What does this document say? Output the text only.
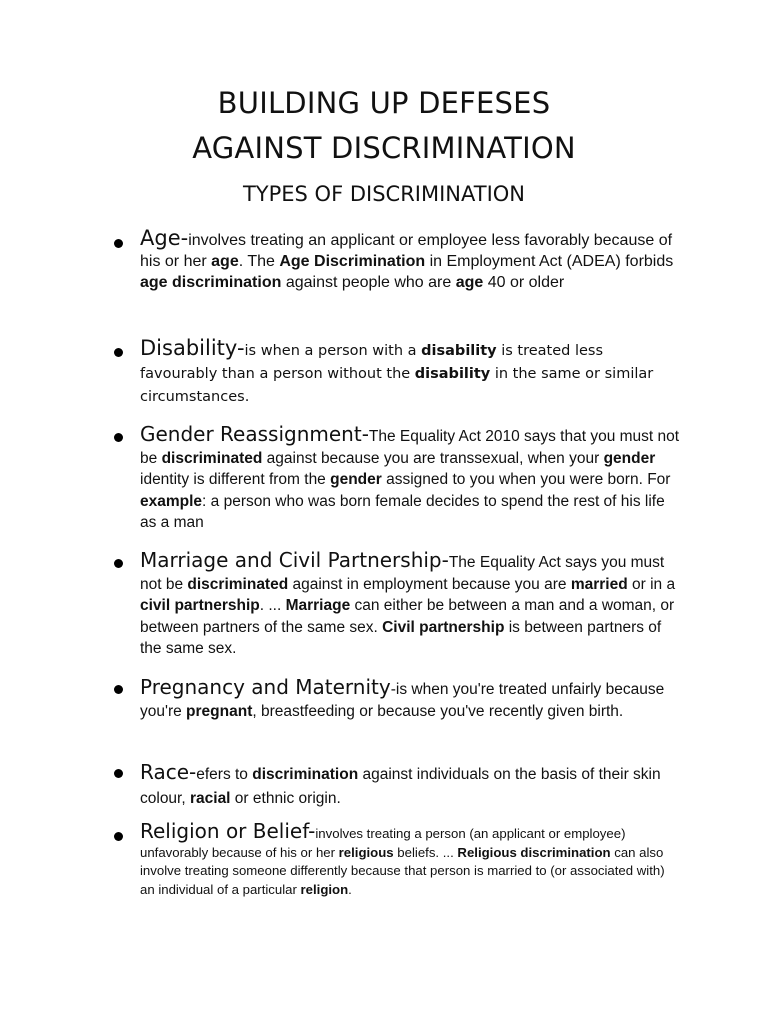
BUILDING UP DEFESES
AGAINST DISCRIMINATION
TYPES OF DISCRIMINATION

Age-involves treating an applicant or employee less favorably because of his or her age. The Age Discrimination in Employment Act (ADEA) forbids age discrimination against people who are age 40 or older

Disability-is when a person with a disability is treated less favourably than a person without the disability in the same or similar circumstances.

Gender Reassignment-The Equality Act 2010 says that you must not be discriminated against because you are transsexual, when your gender identity is different from the gender assigned to you when you were born. For example: a person who was born female decides to spend the rest of his life as a man

Marriage and Civil Partnership-The Equality Act says you must not be discriminated against in employment because you are married or in a civil partnership. ... Marriage can either be between a man and a woman, or between partners of the same sex. Civil partnership is between partners of the same sex.

Pregnancy and Maternity-is when you're treated unfairly because you're pregnant, breastfeeding or because you've recently given birth.

Race-efers to discrimination against individuals on the basis of their skin colour, racial or ethnic origin.

Religion or Belief-involves treating a person (an applicant or employee) unfavorably because of his or her religious beliefs. ... Religious discrimination can also involve treating someone differently because that person is married to (or associated with) an individual of a particular religion.
